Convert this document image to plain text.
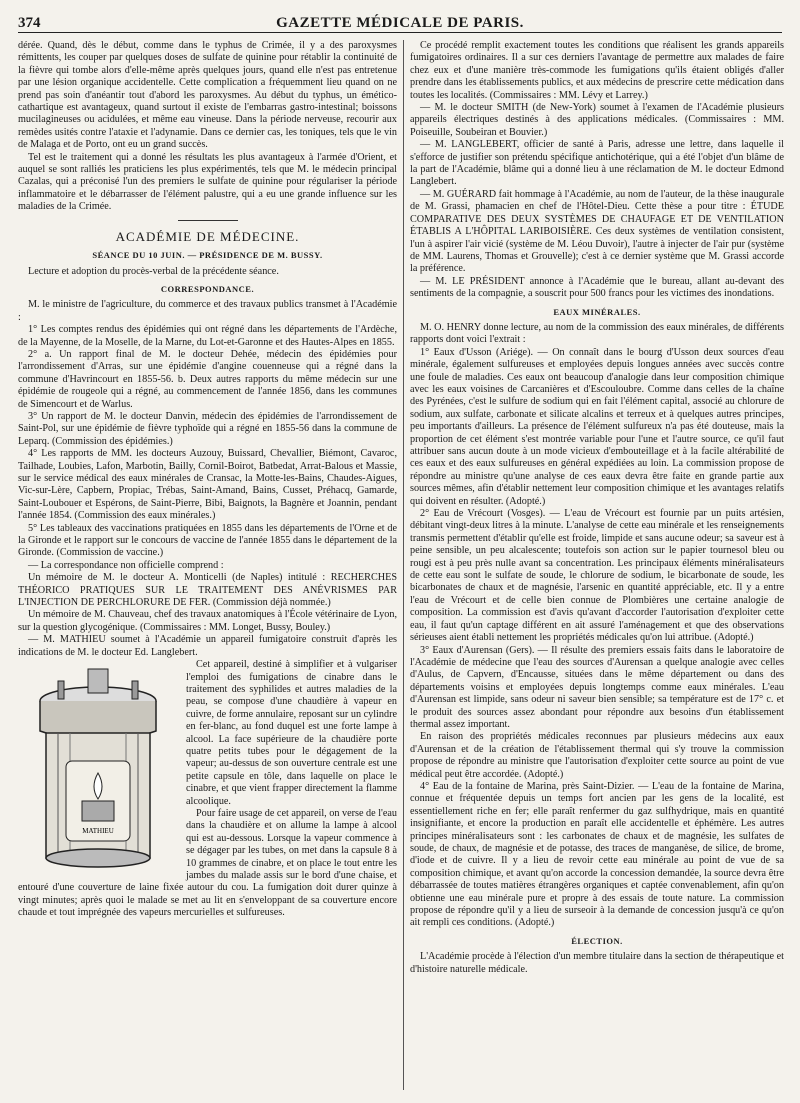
374	GAZETTE MÉDICALE DE PARIS.

dérée. Quand, dès le début, comme dans le typhus de Crimée, il y a des paroxysmes rémittents, les couper par quelques doses de sulfate de quinine pour rétablir la continuité de la fièvre qui tombe alors d'elle-même après quelques jours, quand elle n'est pas entretenue par une lésion organique accidentelle. Cette complication a fréquemment lieu quand on ne prend pas soin d'anéantir tout d'abord les paroxysmes. Au début du typhus, un émético-cathartique est avantageux, quand surtout il existe de l'embarras gastro-intestinal; boissons mucilagineuses ou acidulées, et même eau vineuse. Dans la période nerveuse, recourir aux remèdes usités contre l'ataxie et l'adynamie. Dans ce dernier cas, les toniques, tels que le vin de Malaga et de Porto, ont eu un grand succès.

Tel est le traitement qui a donné les résultats les plus avantageux à l'armée d'Orient, et auquel se sont ralliés les praticiens les plus expérimentés, tels que M. le médecin principal Cazalas, qui a préconisé l'un des premiers le sulfate de quinine pour régulariser la période inflammatoire et le débarrasser de l'élément palustre, qui a eu une grande influence sur les maladies de la Crimée.

ACADÉMIE DE MÉDECINE.
SÉANCE DU 10 JUIN. — PRÉSIDENCE DE M. BUSSY.

Lecture et adoption du procès-verbal de la précédente séance.

CORRESPONDANCE.

M. le ministre de l'agriculture, du commerce et des travaux publics transmet à l'Académie :

1° Les comptes rendus des épidémies qui ont régné dans les départements de l'Ardèche, de la Mayenne, de la Moselle, de la Marne, du Lot-et-Garonne et des Hautes-Alpes en 1855.

2° a. Un rapport final de M. le docteur Dehée, médecin des épidémies pour l'arrondissement d'Arras, sur une épidémie d'angine couenneuse qui a régné dans la commune d'Havrincourt en 1855-56. b. Deux autres rapports du même médecin sur une épidémie de rougeole qui a régné, au commencement de l'année 1856, dans les communes de Simencourt et de Warlus.

3° Un rapport de M. le docteur Danvin, médecin des épidémies de l'arrondissement de Saint-Pol, sur une épidémie de fièvre typhoïde qui a régné en 1855-56 dans la commune de Leparq. (Commission des épidémies.)

4° Les rapports de MM. les docteurs Auzouy, Buissard, Chevallier, Biémont, Cavaroc, Tailhade, Loubies, Lafon, Marbotin, Bailly, Cornil-Boirot, Batbedat, Arrat-Balous et Massie, sur le service médical des eaux minérales de Cransac, la Motte-les-Bains, Chaudes-Aigues, Vic-sur-Lère, Capbern, Propiac, Trébas, Saint-Amand, Bains, Cusset, Préhacq, Gamarde, Saint-Loubouer et Espérons, de Saint-Pierre, Bibi, Baignots, la Bagnère et Joannin, pendant l'année 1854. (Commission des eaux minérales.)

5° Les tableaux des vaccinations pratiquées en 1855 dans les départements de l'Orne et de la Gironde et le rapport sur le concours de vaccine de l'année 1855 dans le département de la Gironde. (Commission de vaccine.)

— La correspondance non officielle comprend :

Un mémoire de M. le docteur A. Monticelli (de Naples) intitulé : RECHERCHES THÉORICO PRATIQUES SUR LE TRAITEMENT DES ANÉVRISMES PAR L'INJECTION DE PERCHLORURE DE FER. (Commission déjà nommée.)

Un mémoire de M. Chauveau, chef des travaux anatomiques à l'École vétérinaire de Lyon, sur la question glycogénique. (Commissaires : MM. Longet, Bussy, Bouley.)

— M. MATHIEU soumet à l'Académie un appareil fumigatoire construit d'après les indications de M. le docteur Ed. Langlebert.

MATHIEU

Cet appareil, destiné à simplifier et à vulgariser l'emploi des fumigations de cinabre dans le traitement des syphilides et autres maladies de la peau, se compose d'une chaudière à vapeur en cuivre, de forme annulaire, reposant sur un cylindre en fer-blanc, au fond duquel est une forte lampe à alcool. La face supérieure de la chaudière porte quatre petits tubes pour le dégagement de la vapeur; au-dessus de son ouverture centrale est une petite capsule en tôle, dans laquelle on place le cinabre, et que vient frapper directement la flamme alcoolique.

Pour faire usage de cet appareil, on verse de l'eau dans la chaudière et on allume la lampe à alcool qui est au-dessous. Lorsque la vapeur commence à se dégager par les tubes, on met dans la capsule 8 à 10 grammes de cinabre, et on place le tout entre les jambes du malade assis sur le bord d'une chaise, et entouré d'une couverture de laine fixée autour du cou. La fumigation doit durer quinze à vingt minutes; après quoi le malade se met au lit en s'enveloppant de sa couverture encore chaude et tout imprégnée des vapeurs mercurielles et sulfureuses.

Ce procédé remplit exactement toutes les conditions que réalisent les grands appareils fumigatoires ordinaires. Il a sur ces derniers l'avantage de permettre aux malades de faire chez eux et d'une manière très-commode les fumigations qu'ils étaient obligés d'aller prendre dans les établissements publics, et aux médecins de prescrire cette médication dans toutes les localités. (Commissaires : MM. Lévy et Larrey.)

— M. le docteur SMITH (de New-York) soumet à l'examen de l'Académie plusieurs appareils électriques destinés à des applications médicales. (Commissaires : MM. Poiseuille, Soubeiran et Bouvier.)

— M. LANGLEBERT, officier de santé à Paris, adresse une lettre, dans laquelle il s'efforce de justifier son prétendu spécifique antichotérique, qui a été l'objet d'un blâme de la part de l'Académie, blâme qui a donné lieu à une réclamation de M. le docteur Edmond Langlebert.

— M. GUÉRARD fait hommage à l'Académie, au nom de l'auteur, de la thèse inaugurale de M. Grassi, phamacien en chef de l'Hôtel-Dieu. Cette thèse a pour titre : ÉTUDE COMPARATIVE DES DEUX SYSTÈMES DE CHAUFAGE ET DE VENTILATION ÉTABLIS A L'HÔPITAL LARIBOISIÈRE. Ces deux systèmes de ventilation consistent, l'un à aspirer l'air vicié (système de M. Léou Duvoir), l'autre à injecter de l'air pur (système de MM. Laurens, Thomas et Grouvelle); c'est à ce dernier système que M. Grassi accorde la préférence.

— M. LE PRÉSIDENT annonce à l'Académie que le bureau, allant au-devant des sentiments de la compagnie, a souscrit pour 500 francs pour les victimes des inondations.

EAUX MINÉRALES.

M. O. HENRY donne lecture, au nom de la commission des eaux minérales, de différents rapports dont voici l'extrait :

1° Eaux d'Usson (Ariége). — On connaît dans le bourg d'Usson deux sources d'eau minérale, également sulfureuses et employées depuis longues années avec succès contre une foule de maladies. Ces eaux ont beaucoup d'analogie dans leur composition chimique avec les eaux voisines de Carcanières et d'Escouloubre. Comme dans celles de la chaîne des Pyrénées, c'est le sulfure de sodium qui en fait l'élément capital, associé au chlorure de sodium, aux sulfate, carbonate et silicate alcalins et terreux et à quelques autres principes, peu importants d'ailleurs. La présence de l'élément sulfureux n'a pas été douteuse, mais la proportion de cet élément s'est montrée variable pour l'une et l'autre source, ce qu'il faut attribuer sans aucun doute à un mode vicieux d'embouteillage et à la facile altérabilité de ces eaux et des eaux sulfureuses en général expédiées au loin. La commission propose de répondre au ministre qu'une analyse de ces eaux devra être faite en grande partie aux sources mêmes, afin d'établir nettement leur composition chimique et les avantages relatifs qui doivent en résulter. (Adopté.)

2° Eau de Vrécourt (Vosges). — L'eau de Vrécourt est fournie par un puits artésien, débitant vingt-deux litres à la minute. L'analyse de cette eau minérale et les renseignements transmis permettent d'établir qu'elle est froide, limpide et sans aucune odeur; sa saveur est à peine sensible, un peu alcalescente; toutefois son action sur le papier tournesol bleu ou rougi est à peu près nulle avant sa concentration. Les principaux éléments minéralisateurs de cette eau sont le sulfate de soude, le chlorure de sodium, le bicarbonate de soude, les bicarbonates de chaux et de magnésie, l'arsenic en quantité appréciable, etc. Il y a entre l'eau de Vrécourt et de celle bien connue de Plombières une certaine analogie de composition. La commission est d'avis qu'avant d'accorder l'autorisation d'exploiter cette eau, il faut qu'un captage différent en ait assuré l'aménagement et que des observations sérieuses aient établi nettement les propriétés médicales qu'on lui attribue. (Adopté.)

3° Eaux d'Aurensan (Gers). — Il résulte des premiers essais faits dans le laboratoire de l'Académie de médecine que l'eau des sources d'Aurensan a quelque analogie avec celles d'Aulus, de Capvern, d'Encausse, situées dans le même département ou dans des départements voisins et employées depuis longtemps comme eaux minérales. L'eau d'Aurensan est limpide, sans odeur ni saveur bien sensible; sa température est de 17° c. et le produit des sources assez abondant pour répondre aux besoins d'un établissement thermal assez important.

En raison des propriétés médicales reconnues par plusieurs médecins aux eaux d'Aurensan et de la création de l'établissement thermal qui s'y trouve la commission propose de répondre au ministre que l'autorisation d'exploiter cette source au point de vue médical peut être accordée. (Adopté.)

4° Eau de la fontaine de Marina, près Saint-Dizier. — L'eau de la fontaine de Marina, connue et fréquentée depuis un temps fort ancien par les gens de la localité, est essentiellement riche en fer; elle paraît renfermer du gaz sulfhydrique, mais en quantité insignifiante, et encore la production en paraît elle accidentelle et éphémère. Les autres principes minéralisateurs sont : les carbonates de chaux et de magnésie, les sulfates de soude, de chaux, de magnésie et de potasse, des traces de manganèse, de silice, de brome, d'iode et de cuivre. Il y a lieu de revoir cette eau minérale au point de vue de sa composition chimique, et avant qu'on accorde la concession demandée, la source devra être débarrassée de toutes matières étrangères organiques et captée convenablement, afin qu'on obtienne une eau minérale pure et propre à des essais de toute nature. La commission propose de répondre qu'il y a lieu de surseoir à la demande de concession jusqu'à ce qu'on ait rempli ces conditions. (Adopté.)

ÉLECTION.

L'Académie procède à l'élection d'un membre titulaire dans la section de thérapeutique et d'histoire naturelle médicale.
